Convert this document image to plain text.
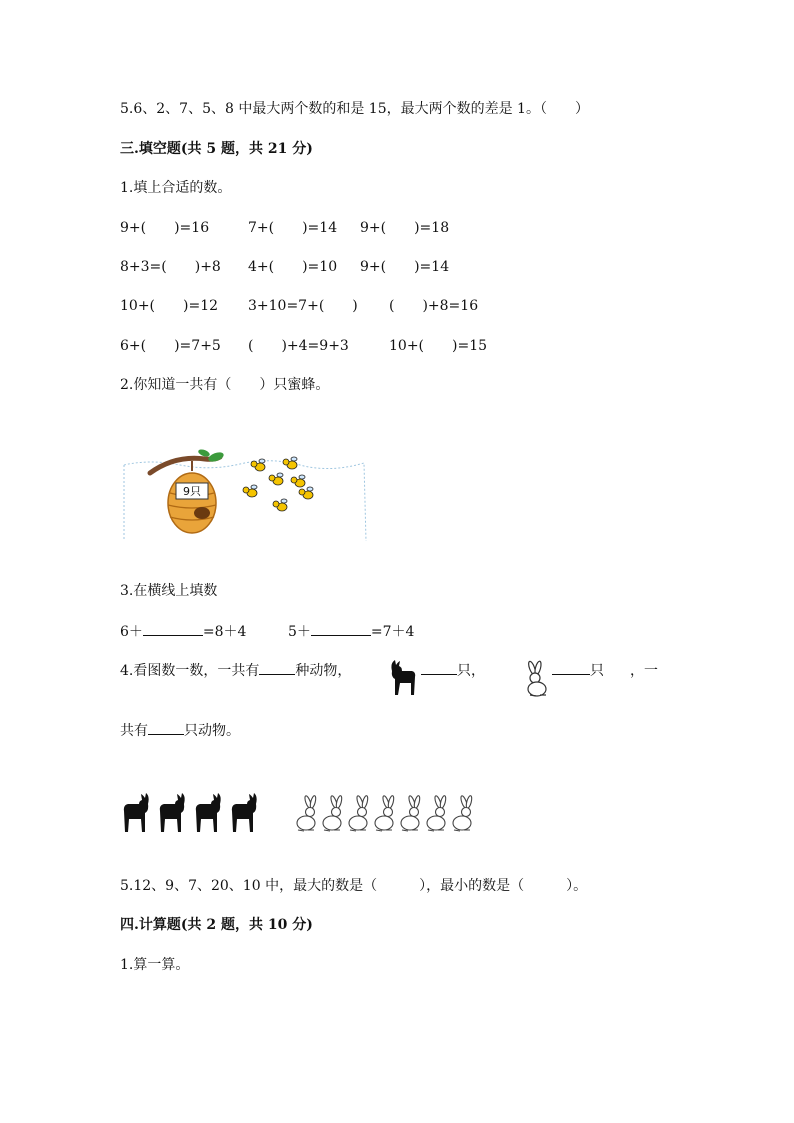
5.6、2、7、5、8 中最大两个数的和是 15，最大两个数的差是 1。（　　）
三.填空题(共 5 题，共 21 分)
1.填上合适的数。
9+(　　)=16	7+(　　)=14 9+(　　)=18
8+3=(　　)+8 4+(　　)=10 9+(　　)=14
10+(　　)=12 3+10=7+(　　) (　　)+8=16
6+(　　)=7+5 (　　)+4=9+3	10+(　　)=15
2.你知道一共有（　　）只蜜蜂。
9只
3.在横线上填数
6＋	=8＋4	5＋	=7＋4
4.看图数一数，一共有	种动物，	只，	只 ，一
共有	只动物。
5.12、9、7、20、10 中，最大的数是（　　　），最小的数是（　　　）。
四.计算题(共 2 题，共 10 分)
1.算一算。
